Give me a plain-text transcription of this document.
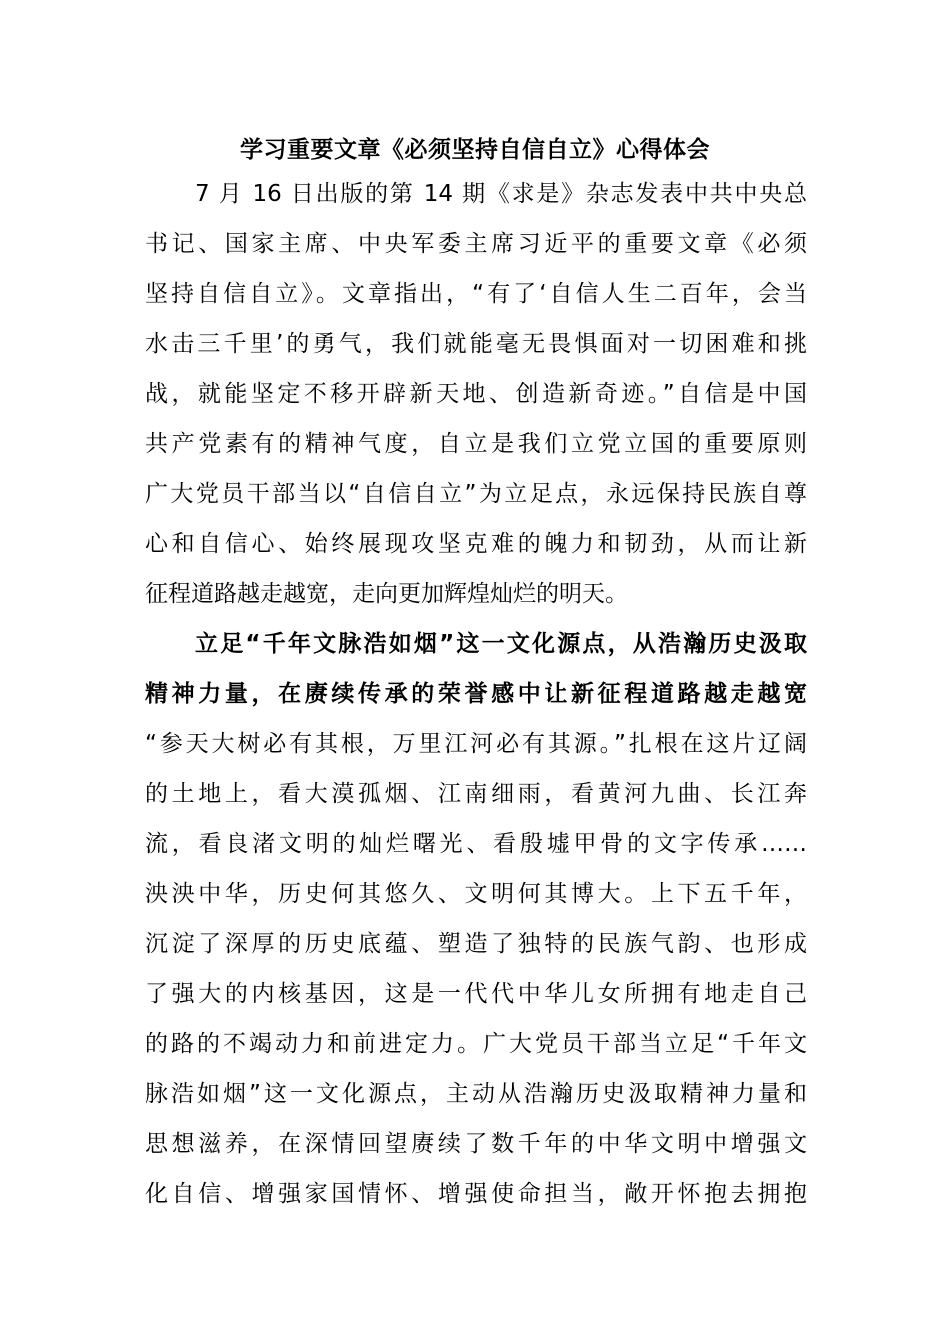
学习重要文章《必须坚持自信自立》心得体会
7 月 16 日出版的第 14 期《求是》杂志发表中共中央总
书记、国家主席、中央军委主席习近平的重要文章《必须
坚持自信自立》。文章指出，“有了‘自信人生二百年，会当
水击三千里’的勇气，我们就能毫无畏惧面对一切困难和挑
战，就能坚定不移开辟新天地、创造新奇迹。”自信是中国
共产党素有的精神气度，自立是我们立党立国的重要原则
广大党员干部当以“自信自立”为立足点，永远保持民族自尊
心和自信心、始终展现攻坚克难的魄力和韧劲，从而让新
征程道路越走越宽，走向更加辉煌灿烂的明天。
立足“千年文脉浩如烟”这一文化源点，从浩瀚历史汲取
精神力量，在赓续传承的荣誉感中让新征程道路越走越宽
“参天大树必有其根，万里江河必有其源。”扎根在这片辽阔
的土地上，看大漠孤烟、江南细雨，看黄河九曲、长江奔
流，看良渚文明的灿烂曙光、看殷墟甲骨的文字传承……
泱泱中华，历史何其悠久、文明何其博大。上下五千年，
沉淀了深厚的历史底蕴、塑造了独特的民族气韵、也形成
了强大的内核基因，这是一代代中华儿女所拥有地走自己
的路的不竭动力和前进定力。广大党员干部当立足“千年文
脉浩如烟”这一文化源点，主动从浩瀚历史汲取精神力量和
思想滋养，在深情回望赓续了数千年的中华文明中增强文
化自信、增强家国情怀、增强使命担当，敞开怀抱去拥抱
